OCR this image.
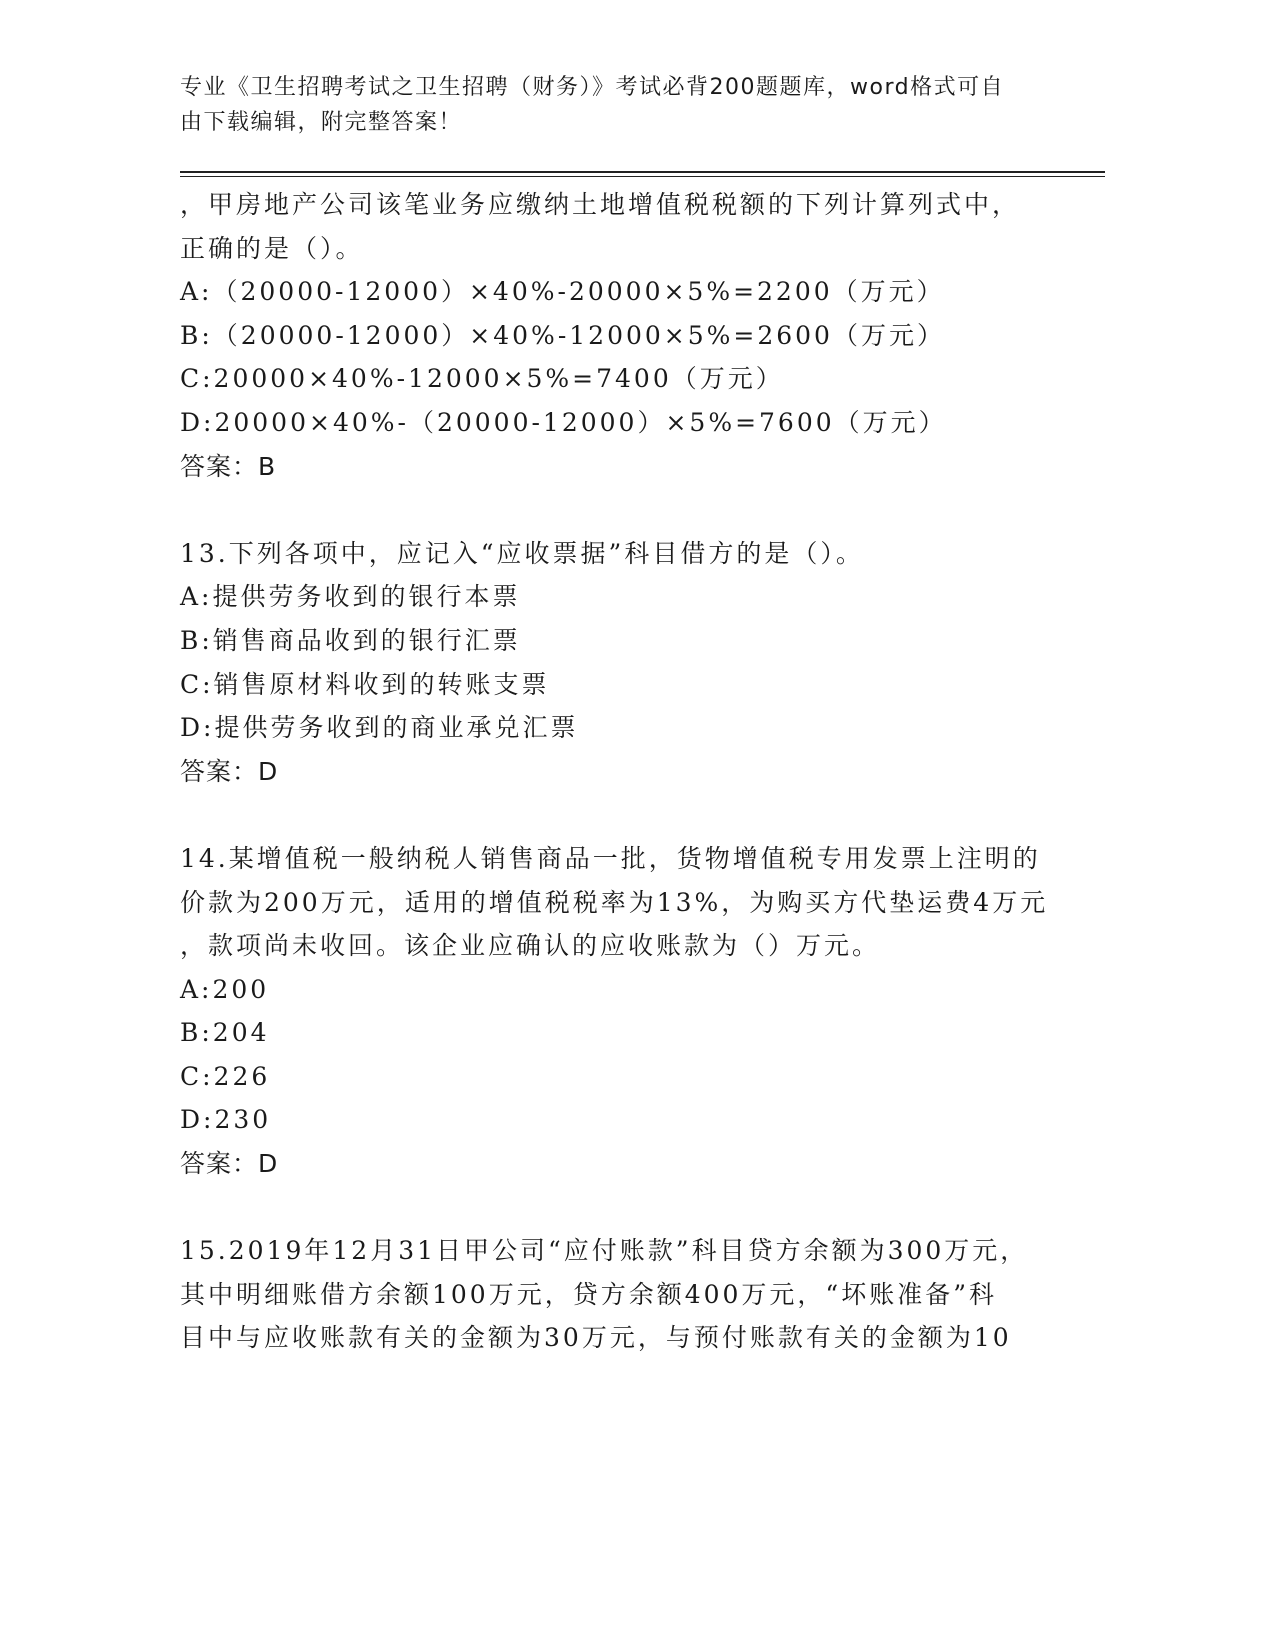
专业《卫生招聘考试之卫生招聘（财务）》考试必背200题题库，word格式可自
由下载编辑，附完整答案！
，甲房地产公司该笔业务应缴纳土地增值税税额的下列计算列式中，
正确的是（）。
A:（20000-12000）×40%-20000×5%=2200（万元）
B:（20000-12000）×40%-12000×5%=2600（万元）
C:20000×40%-12000×5%=7400（万元）
D:20000×40%-（20000-12000）×5%=7600（万元）
答案：B
13.下列各项中，应记入“应收票据”科目借方的是（）。
A:提供劳务收到的银行本票
B:销售商品收到的银行汇票
C:销售原材料收到的转账支票
D:提供劳务收到的商业承兑汇票
答案：D
14.某增值税一般纳税人销售商品一批，货物增值税专用发票上注明的
价款为200万元，适用的增值税税率为13%，为购买方代垫运费4万元
，款项尚未收回。该企业应确认的应收账款为（）万元。
A:200
B:204
C:226
D:230
答案：D
15.2019年12月31日甲公司“应付账款”科目贷方余额为300万元，
其中明细账借方余额100万元，贷方余额400万元，“坏账准备”科
目中与应收账款有关的金额为30万元，与预付账款有关的金额为10
